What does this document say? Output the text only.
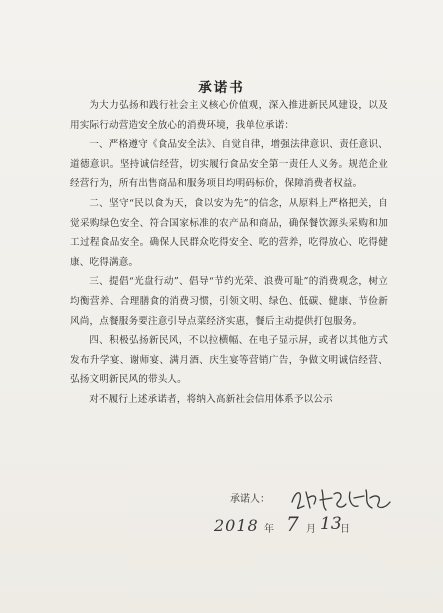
承诺书

为大力弘扬和践行社会主义核心价值观，深入推进新民风建设，以及用实际行动营造安全放心的消费环境，我单位承诺：

一、严格遵守《食品安全法》、自觉自律，增强法律意识、责任意识、道德意识。坚持诚信经营，切实履行食品安全第一责任人义务。规范企业经营行为，所有出售商品和服务项目均明码标价，保障消费者权益。

二、坚守“民以食为天，食以安为先”的信念，从原料上严格把关，自觉采购绿色安全、符合国家标准的农产品和商品，确保餐饮源头采购和加工过程食品安全。确保人民群众吃得安全、吃的营养，吃得放心、吃得健康、吃得满意。

三、提倡“光盘行动”、倡导“节约光荣、浪费可耻”的消费观念，树立均衡营养、合理膳食的消费习惯，引领文明、绿色、低碳、健康、节俭新风尚，点餐服务要注意引导点菜经济实惠，餐后主动提供打包服务。

四、积极弘扬新民风，不以拉横幅、在电子显示屏，或者以其他方式发布升学宴、谢师宴、满月酒、庆生宴等营销广告，争做文明诚信经营、弘扬文明新民风的带头人。

对不履行上述承诺者，将纳入高新社会信用体系予以公示

承诺人：
2018 年 7 月 13
日
